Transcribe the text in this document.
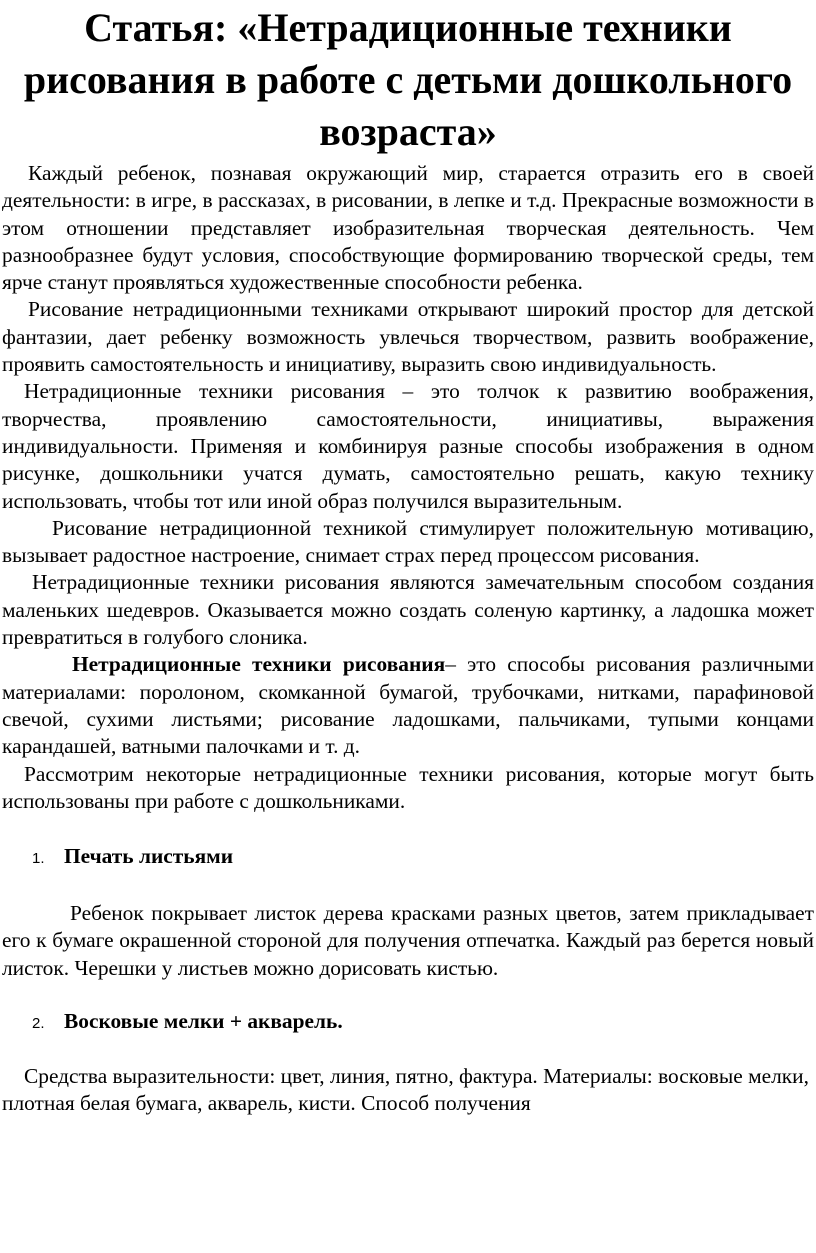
Статья: «Нетрадиционные техники рисования в работе с детьми дошкольного возраста»

Каждый ребенок, познавая окружающий мир, старается отразить его в своей деятельности: в игре, в рассказах, в рисовании, в лепке и т.д. Прекрасные возможности в этом отношении представляет изобразительная творческая деятельность. Чем разнообразнее будут условия, способствующие формированию творческой среды, тем ярче станут проявляться художественные способности ребенка.

Рисование нетрадиционными техниками открывают широкий простор для детской фантазии, дает ребенку возможность увлечься творчеством, развить воображение, проявить самостоятельность и инициативу, выразить свою индивидуальность.

Нетрадиционные техники рисования – это толчок к развитию воображения, творчества, проявлению самостоятельности, инициативы, выражения индивидуальности. Применяя и комбинируя разные способы изображения в одном рисунке, дошкольники учатся думать, самостоятельно решать, какую технику использовать, чтобы тот или иной образ получился выразительным.

Рисование нетрадиционной техникой стимулирует положительную мотивацию, вызывает радостное настроение, снимает страх перед процессом рисования.

Нетрадиционные техники рисования являются замечательным способом создания маленьких шедевров. Оказывается можно создать соленую картинку, а ладошка может превратиться в голубого слоника.

Нетрадиционные техники рисования– это способы рисования различными материалами: поролоном, скомканной бумагой, трубочками, нитками, парафиновой свечой, сухими листьями; рисование ладошками, пальчиками, тупыми концами карандашей, ватными палочками и т. д.

Рассмотрим некоторые нетрадиционные техники рисования, которые могут быть использованы при работе с дошкольниками.

1. Печать листьями

Ребенок покрывает листок дерева красками разных цветов, затем прикладывает его к бумаге окрашенной стороной для получения отпечатка. Каждый раз берется новый листок. Черешки у листьев можно дорисовать кистью.

2. Восковые мелки + акварель.

Средства выразительности: цвет, линия, пятно, фактура. Материалы: восковые мелки, плотная белая бумага, акварель, кисти. Способ получения
